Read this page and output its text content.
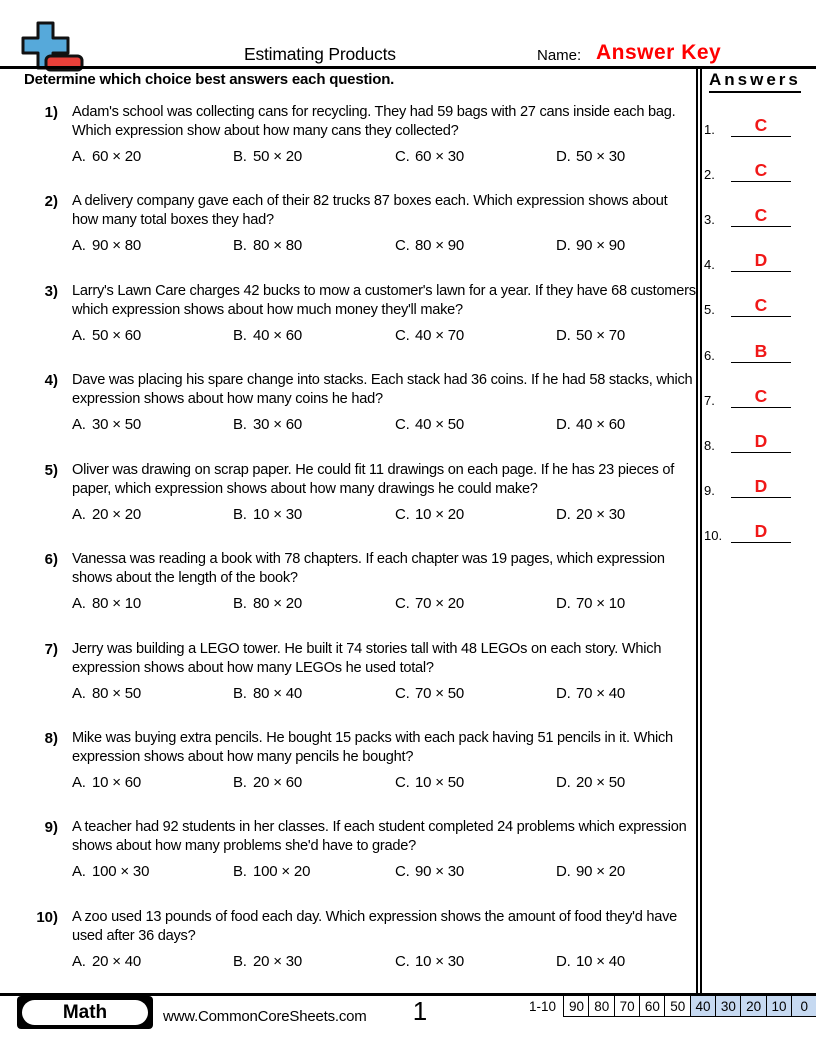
Estimating Products	Name: Answer Key
Determine which choice best answers each question.
1) Adam's school was collecting cans for recycling. They had 59 bags with 27 cans inside each bag. Which expression show about how many cans they collected?
A. 60 × 20	B. 50 × 20	C. 60 × 30	D. 50 × 30
2) A delivery company gave each of their 82 trucks 87 boxes each. Which expression shows about how many total boxes they had?
A. 90 × 80	B. 80 × 80	C. 80 × 90	D. 90 × 90
3) Larry's Lawn Care charges 42 bucks to mow a customer's lawn for a year. If they have 68 customers which expression shows about how much money they'll make?
A. 50 × 60	B. 40 × 60	C. 40 × 70	D. 50 × 70
4) Dave was placing his spare change into stacks. Each stack had 36 coins. If he had 58 stacks, which expression shows about how many coins he had?
A. 30 × 50	B. 30 × 60	C. 40 × 50	D. 40 × 60
5) Oliver was drawing on scrap paper. He could fit 11 drawings on each page. If he has 23 pieces of paper, which expression shows about how many drawings he could make?
A. 20 × 20	B. 10 × 30	C. 10 × 20	D. 20 × 30
6) Vanessa was reading a book with 78 chapters. If each chapter was 19 pages, which expression shows about the length of the book?
A. 80 × 10	B. 80 × 20	C. 70 × 20	D. 70 × 10
7) Jerry was building a LEGO tower. He built it 74 stories tall with 48 LEGOs on each story. Which expression shows about how many LEGOs he used total?
A. 80 × 50	B. 80 × 40	C. 70 × 50	D. 70 × 40
8) Mike was buying extra pencils. He bought 15 packs with each pack having 51 pencils in it. Which expression shows about how many pencils he bought?
A. 10 × 60	B. 20 × 60	C. 10 × 50	D. 20 × 50
9) A teacher had 92 students in her classes. If each student completed 24 problems which expression shows about how many problems she'd have to grade?
A. 100 × 30	B. 100 × 20	C. 90 × 30	D. 90 × 20
10) A zoo used 13 pounds of food each day. Which expression shows the amount of food they'd have used after 36 days?
A. 20 × 40	B. 20 × 30	C. 10 × 30	D. 10 × 40
Answers
1.	C
2.	C
3.	C
4.	D
5.	C
6.	B
7.	C
8.	D
9.	D
10.	D
Math	www.CommonCoreSheets.com	1	1-10 90 80 70 60 50 40 30 20 10	0
